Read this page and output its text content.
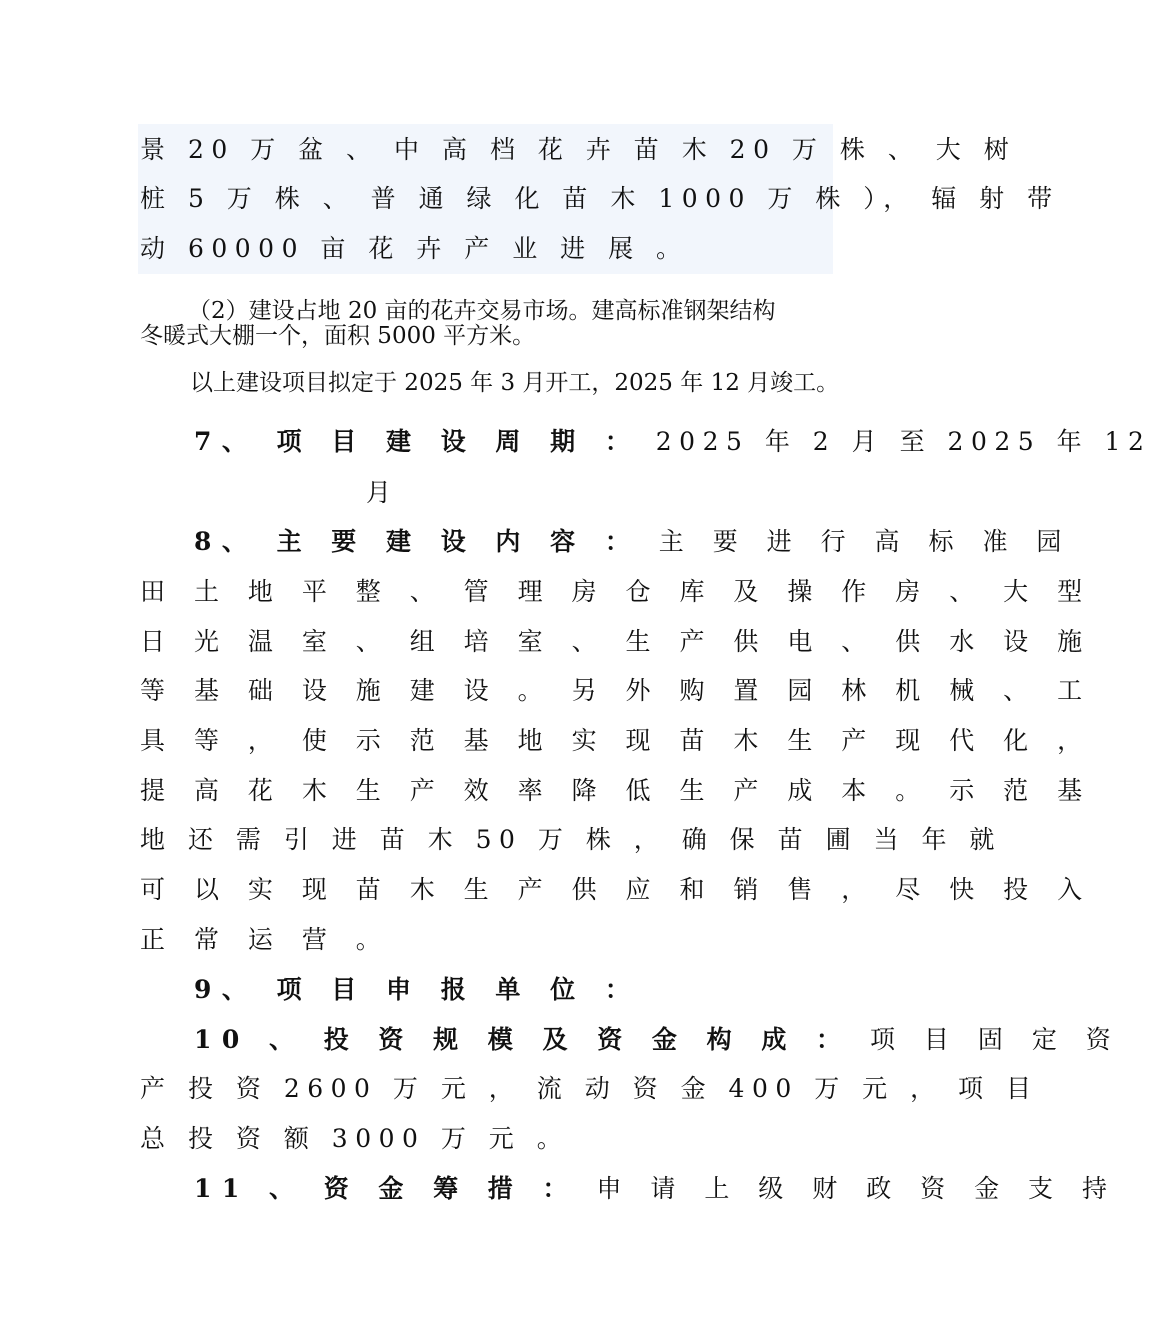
景 20 万 盆 、 中 高 档 花 卉 苗 木 20 万 株 、 大 树
桩 5 万 株 、 普 通 绿 化 苗 木 1000 万 株 ）， 辐 射 带
动 60000 亩 花 卉 产 业 进 展 。
（2）建设占地 20 亩的花卉交易市场。建高标准钢架结构
冬暖式大棚一个，面积 5000 平方米。
以上建设项目拟定于 2025 年 3 月开工，2025 年 12 月竣工。
7、 项 目 建 设 周 期 ： 2025 年 2 月 至 2025 年 12
月
8、 主 要 建 设 内 容 ： 主 要 进 行 高 标 准 园
田 土 地 平 整 、 管 理 房 仓 库 及 操 作 房 、 大 型
日 光 温 室 、 组 培 室 、 生 产 供 电 、 供 水 设 施
等 基 础 设 施 建 设 。 另 外 购 置 园 林 机 械 、 工
具 等 ， 使 示 范 基 地 实 现 苗 木 生 产 现 代 化 ，
提 高 花 木 生 产 效 率 降 低 生 产 成 本 。 示 范 基
地 还 需 引 进 苗 木 50 万 株 ， 确 保 苗 圃 当 年 就
可 以 实 现 苗 木 生 产 供 应 和 销 售 ， 尽 快 投 入
正 常 运 营 。
9、 项 目 申 报 单 位 ：
10 、 投 资 规 模 及 资 金 构 成 ： 项 目 固 定 资
产 投 资 2600 万 元 ， 流 动 资 金 400 万 元 ， 项 目
总 投 资 额 3000 万 元 。
11 、 资 金 筹 措 ： 申 请 上 级 财 政 资 金 支 持
